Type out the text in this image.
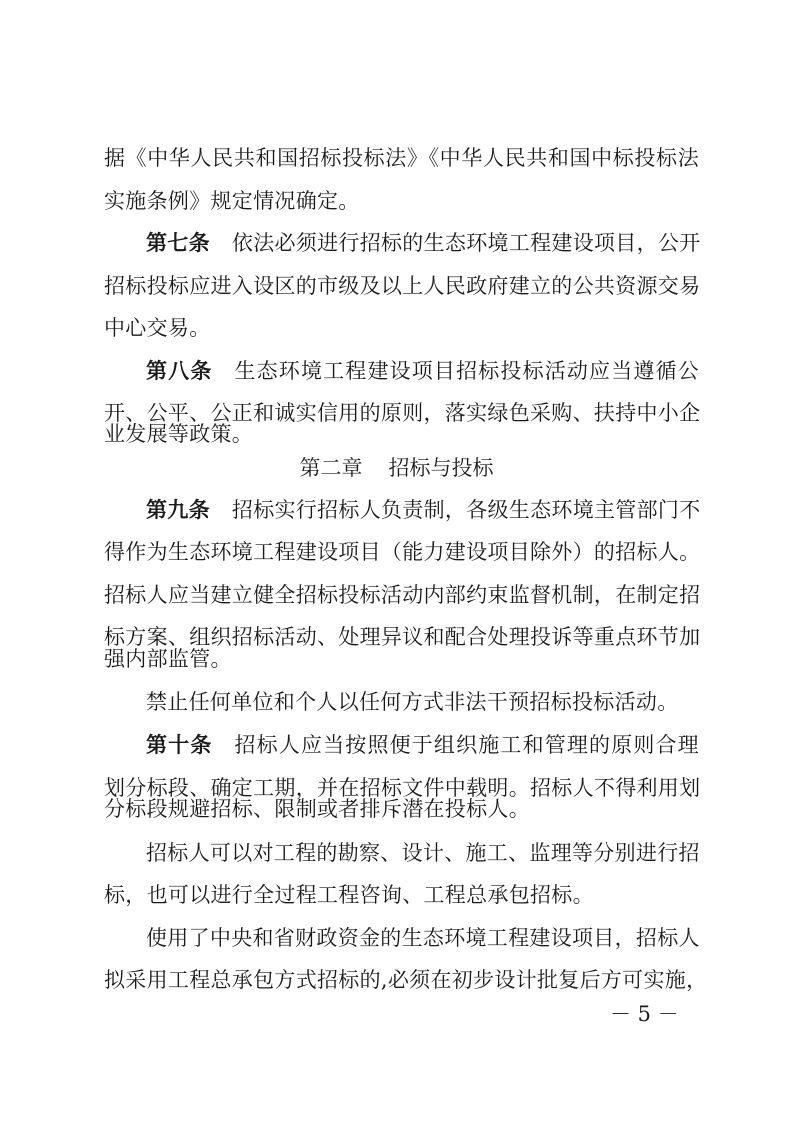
据《中华人民共和国招标投标法》《中华人民共和国中标投标法
实施条例》规定情况确定。
第七条 依法必须进行招标的生态环境工程建设项目，公开
招标投标应进入设区的市级及以上人民政府建立的公共资源交易
中心交易。
第八条 生态环境工程建设项目招标投标活动应当遵循公
开、公平、公正和诚实信用的原则，落实绿色采购、扶持中小企
业发展等政策。
第二章 招标与投标
第九条 招标实行招标人负责制，各级生态环境主管部门不
得作为生态环境工程建设项目（能力建设项目除外）的招标人。
招标人应当建立健全招标投标活动内部约束监督机制，在制定招
标方案、组织招标活动、处理异议和配合处理投诉等重点环节加
强内部监管。
禁止任何单位和个人以任何方式非法干预招标投标活动。
第十条 招标人应当按照便于组织施工和管理的原则合理
划分标段、确定工期，并在招标文件中载明。招标人不得利用划
分标段规避招标、限制或者排斥潜在投标人。
招标人可以对工程的勘察、设计、施工、监理等分别进行招
标，也可以进行全过程工程咨询、工程总承包招标。
使用了中央和省财政资金的生态环境工程建设项目，招标人
拟采用工程总承包方式招标的,必须在初步设计批复后方可实施，
－ 5 －
